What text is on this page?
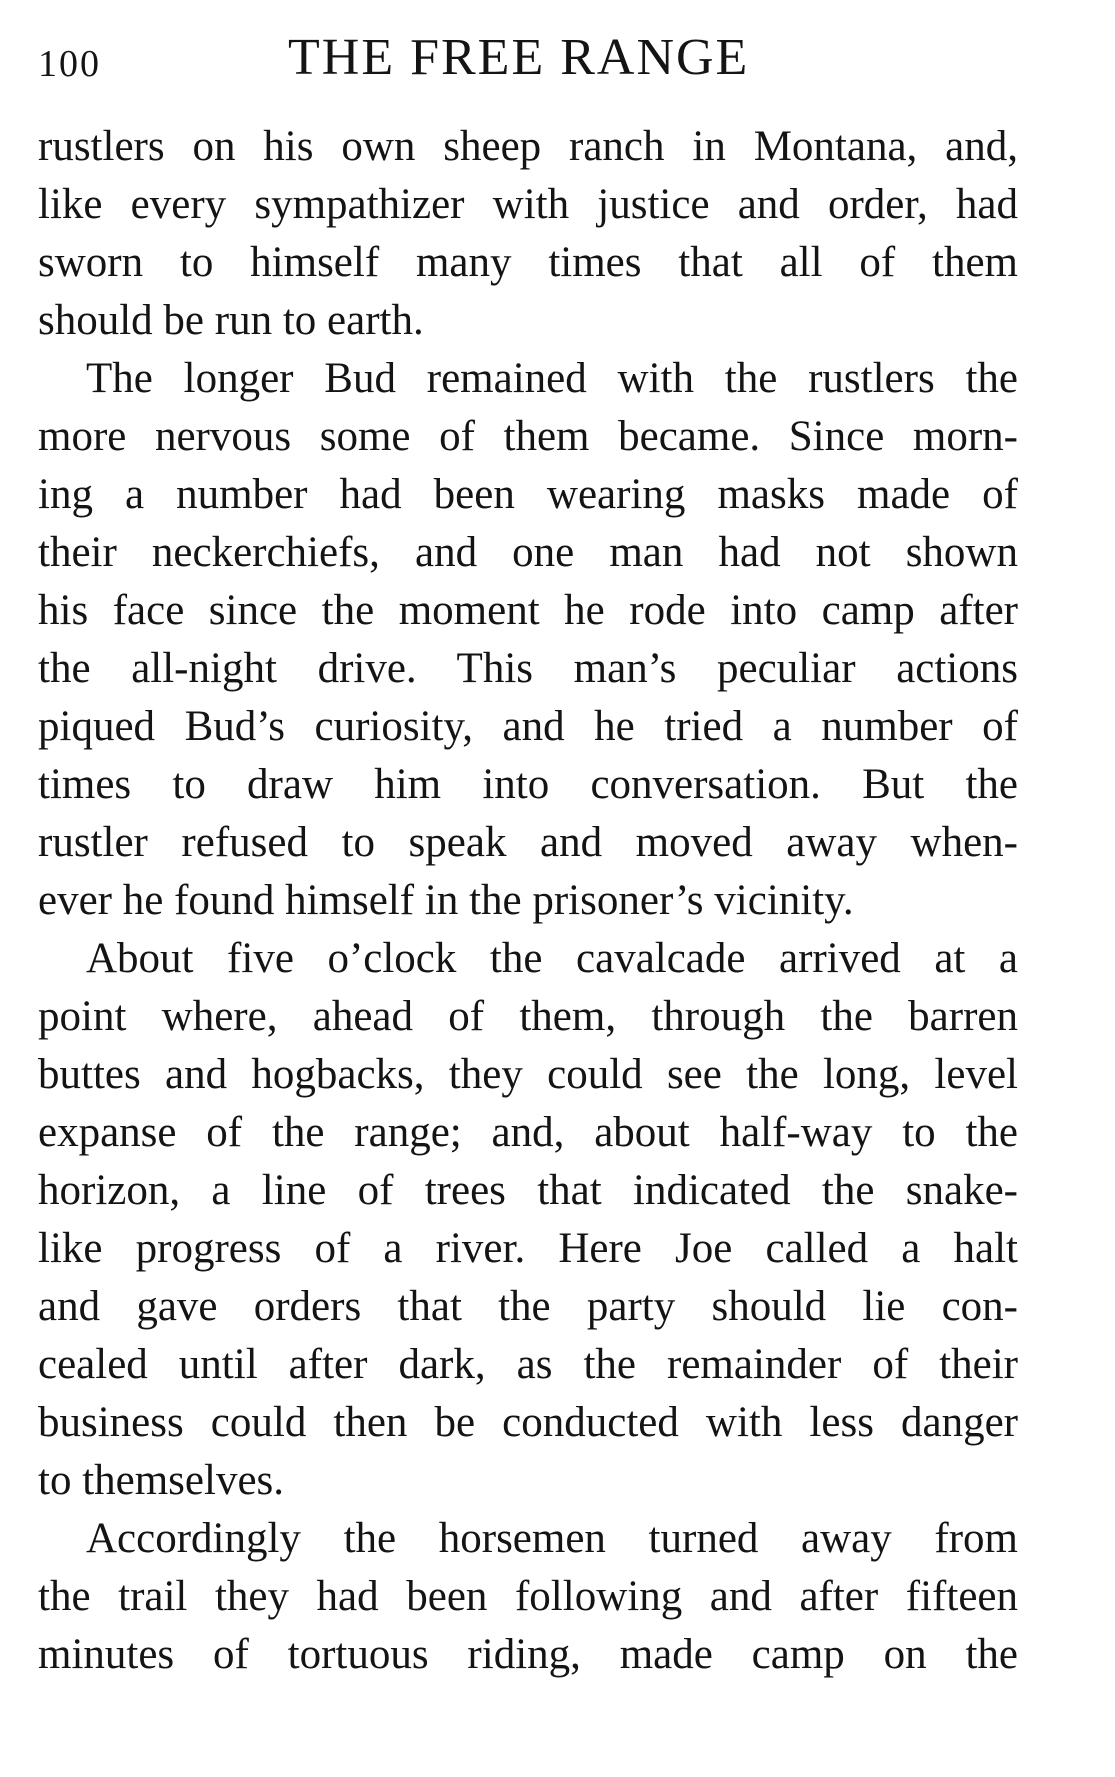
100	THE FREE RANGE
rustlers on his own sheep ranch in Montana, and,
like every sympathizer with justice and order, had
sworn to himself many times that all of them
should be run to earth.
The longer Bud remained with the rustlers the
more nervous some of them became. Since morn-
ing a number had been wearing masks made of
their neckerchiefs, and one man had not shown
his face since the moment he rode into camp after
the all-night drive. This man’s peculiar actions
piqued Bud’s curiosity, and he tried a number of
times to draw him into conversation. But the
rustler refused to speak and moved away when-
ever he found himself in the prisoner’s vicinity.
About five o’clock the cavalcade arrived at a
point where, ahead of them, through the barren
buttes and hogbacks, they could see the long, level
expanse of the range; and, about half-way to the
horizon, a line of trees that indicated the snake-
like progress of a river. Here Joe called a halt
and gave orders that the party should lie con-
cealed until after dark, as the remainder of their
business could then be conducted with less danger
to themselves.
Accordingly the horsemen turned away from
the trail they had been following and after fifteen
minutes of tortuous riding, made camp on the
